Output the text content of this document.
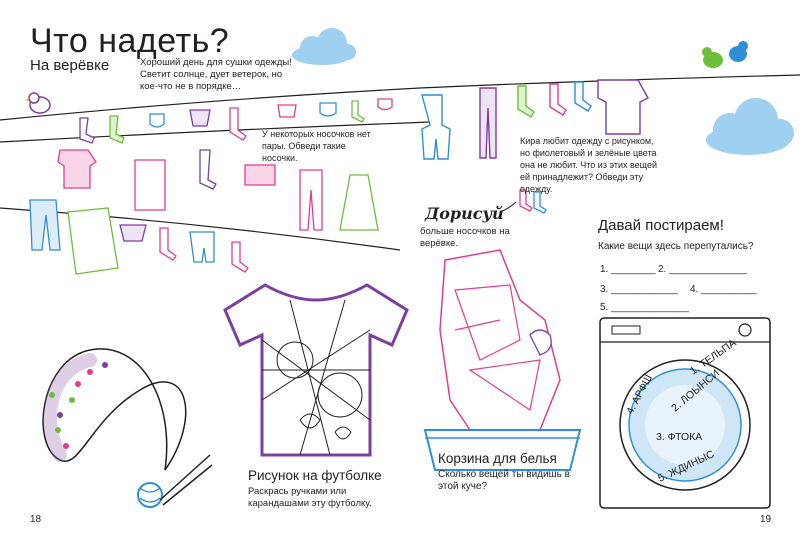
Что надеть?
На верёвке	Хороший день для сушки одежды! Светит солнце, дует ветерок, но кое-что не в порядке…
У некоторых носочков нет пары. Обведи такие носочки.
Кира любит одежду с рисунком, но фиолетовый и зелёные цвета она не любит. Что из этих вещей ей принадлежит? Обведи эту одежду.
Дорисуй
больше носочков на верёвке.
Давай постираем!
Какие вещи здесь перепутались?
1. ________ 2. ______________
3. ____________ 4. __________
5. ______________
1. ТЕЛЬПА
2. ЛОЫНСИ
3. ФТОКА
4. АРФШ
5. ЖДИНЫС
Рисунок на футболке
Раскрась ручками или карандашами эту футболку.
Корзина для белья
Сколько вещей ты видишь в этой куче?
18	19
